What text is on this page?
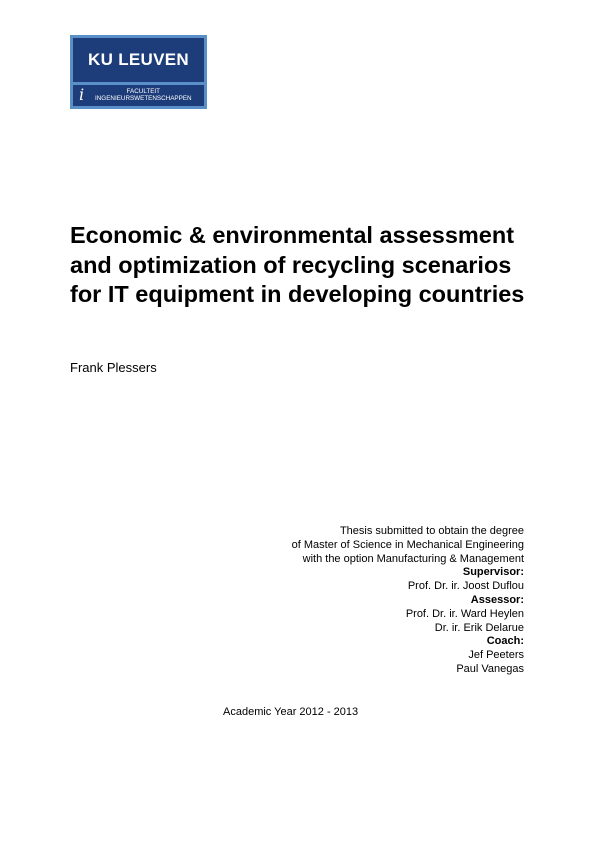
KU LEUVEN
i	FACULTEIT
INGENIEURSWETENSCHAPPEN
Economic & environmental assessment and optimization of recycling scenarios for IT equipment in developing countries
Frank Plessers
Thesis submitted to obtain the degree
of Master of Science in Mechanical Engineering
with the option Manufacturing & Management
Supervisor:
Prof. Dr. ir. Joost Duflou
Assessor:
Prof. Dr. ir. Ward Heylen
Dr. ir. Erik Delarue
Coach:
Jef Peeters
Paul Vanegas
Academic Year 2012 - 2013
